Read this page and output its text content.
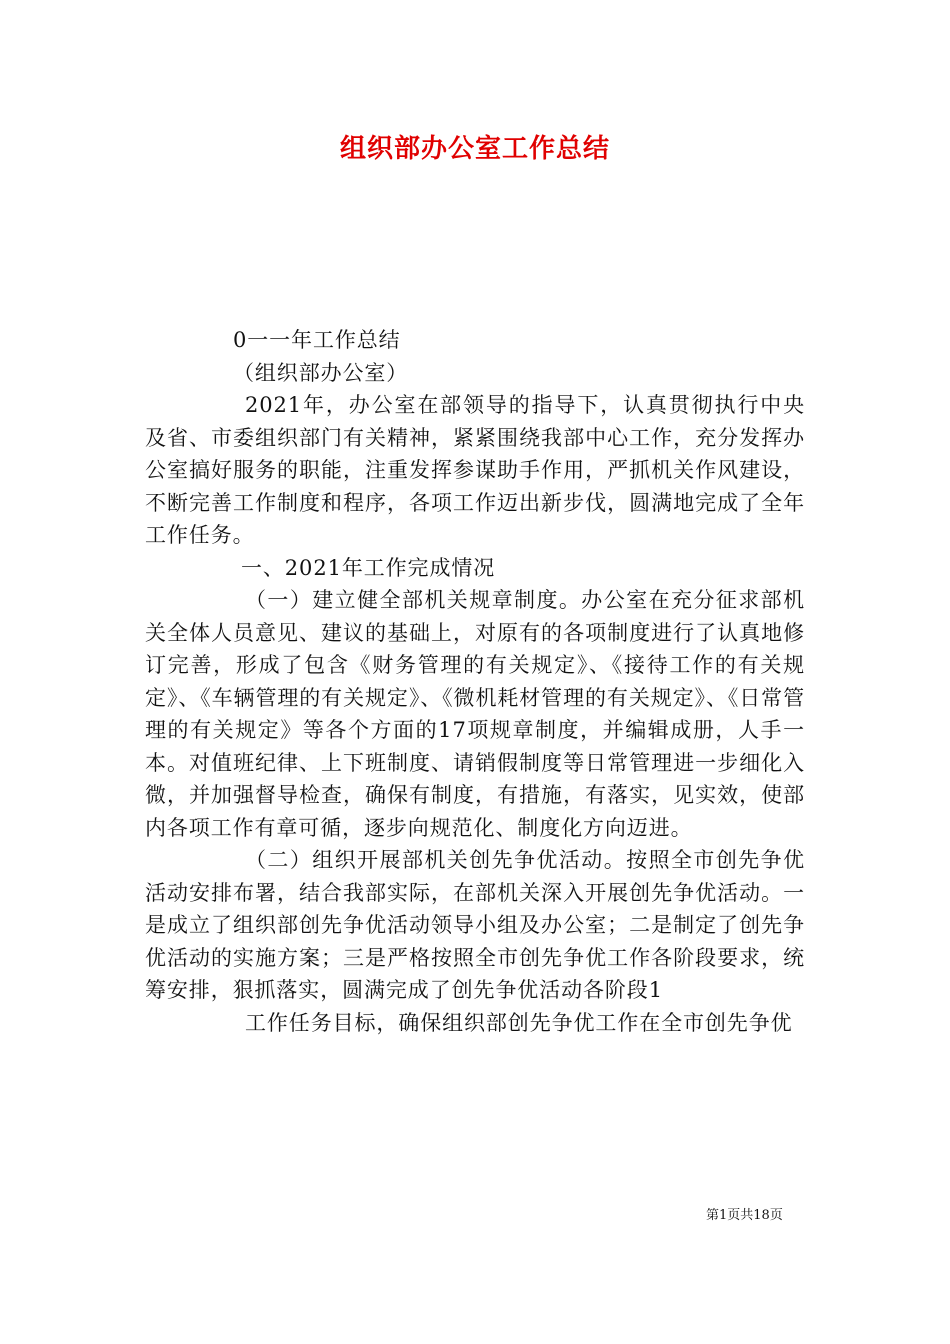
组织部办公室工作总结

0一一年工作总结

（组织部办公室）

2021年，办公室在部领导的指导下，认真贯彻执行中央及省、市委组织部门有关精神，紧紧围绕我部中心工作，充分发挥办公室搞好服务的职能，注重发挥参谋助手作用，严抓机关作风建设，不断完善工作制度和程序，各项工作迈出新步伐，圆满地完成了全年工作任务。

一、2021年工作完成情况

（一）建立健全部机关规章制度。办公室在充分征求部机关全体人员意见、建议的基础上，对原有的各项制度进行了认真地修订完善，形成了包含《财务管理的有关规定》、《接待工作的有关规定》、《车辆管理的有关规定》、《微机耗材管理的有关规定》、《日常管理的有关规定》等各个方面的17项规章制度，并编辑成册，人手一本。对值班纪律、上下班制度、请销假制度等日常管理进一步细化入微，并加强督导检查，确保有制度，有措施，有落实，见实效，使部内各项工作有章可循，逐步向规范化、制度化方向迈进。

（二）组织开展部机关创先争优活动。按照全市创先争优活动安排布署，结合我部实际，在部机关深入开展创先争优活动。一是成立了组织部创先争优活动领导小组及办公室；二是制定了创先争优活动的实施方案；三是严格按照全市创先争优工作各阶段要求，统筹安排，狠抓落实，圆满完成了创先争优活动各阶段1

工作任务目标，确保组织部创先争优工作在全市创先争优

第1页共18页
